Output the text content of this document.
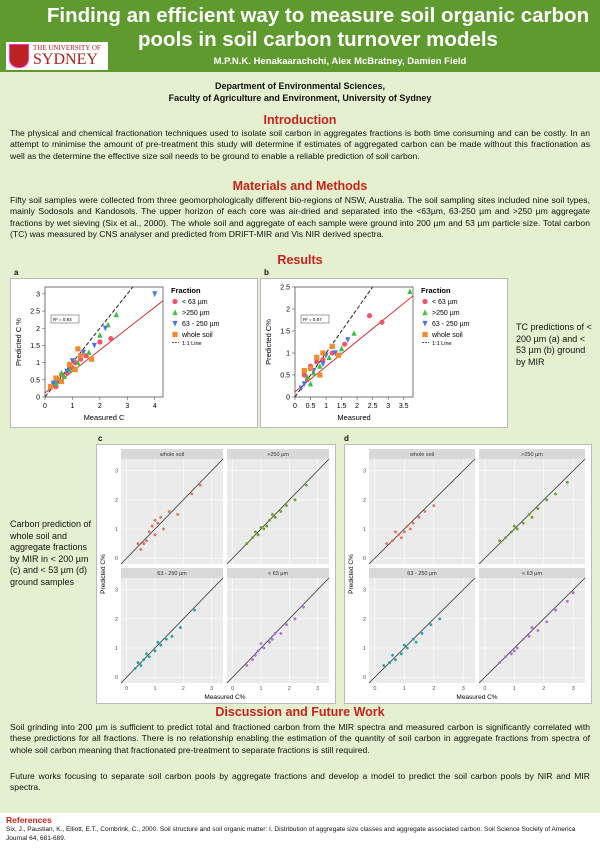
THE UNIVERSITY OF
SYDNEY
Finding an efficient way to measure soil organic carbon pools in soil carbon turnover models
M.P.N.K. Henakaarachchi, Alex McBratney, Damien Field
Department of Environmental Sciences,
Faculty of Agriculture and Environment, University of Sydney
Introduction
The physical and chemical fractionation techniques used to isolate soil carbon in aggregates fractions is both time consuming and can be costly. In an attempt to minimise the amount of pre-treatment this study will determine if estimates of aggregated carbon can be made without this fractionation as well as the determine the effective size soil needs to be ground to enable a reliable prediction of soil carbon.
Materials and Methods
Fifty soil samples were collected from three geomorphologically different bio-regions of NSW, Australia. The soil sampling sites included nine soil types, mainly Sodosols and Kandosols. The upper horizon of each core was air-dried and separated into the <63µm, 63-250 µm and >250 µm aggregate fractions by wet sieving (Six et al., 2000). The whole soil and aggregate of each sample were ground into 200 µm and 53 µm particle size. Total carbon (TC) was measured by CNS analyser and predicted from DRIFT-MIR and Vis NIR derived spectra.
Results
a
0	1	2	3	4
0
0.5
1
1.5
2
2.5
3
Measured C
Predicted C %	R² = 0.93
Fraction
< 63 µm
>250 µm
63 - 250 µm
whole soil
1:1 Line
b
0 0.5 1 1.5 2 2.5 3 3.5
0
0.5
1
1.5
2
2.5
Measured
Predicted C%	R² = 0.87
Fraction
< 63 µm
>250 µm
63 - 250 µm
whole soil
1:1 Line
TC predictions of < 200 µm (a) and < 53 µm (b) ground by MIR
c
whole soil
0
1
2
3
>250 µm
63 - 250 µm
0
1
2
3
0	1	2	3
< 63 µm
0	1	2	3
Measured C%
Predicted C%
d
whole soil
0
1
2
3
>250 µm
63 - 250 µm
0
1
2
3
0	1	2	3
< 63 µm
0	1	2	3
Measured C%
Predicted C%
Carbon prediction of whole soil and aggregate fractions by MIR in < 200 µm (c) and < 53 µm (d) ground samples
Discussion and Future Work
Soil grinding into 200 µm is sufficient to predict total and fractioned carbon from the MIR spectra and measured carbon is significantly correlated with these predictions for all fractions. There is no relationship enabling the estimation of the quantity of soil carbon in aggregate fractions from spectra of whole soil carbon meaning that fractionated pre-treatment to separate fractions is still required.
Future works focusing to separate soil carbon pools by aggregate fractions and develop a model to predict the soil carbon pools by NIR and MIR spectra.
References
Six, J., Paustian, K., Elliott, E.T., Combrink, C., 2000. Soil structure and soil organic matter: I. Distribution of aggregate size classes and aggregate associated carbon. Soil Science Society of America Journal 64, 681-689.
